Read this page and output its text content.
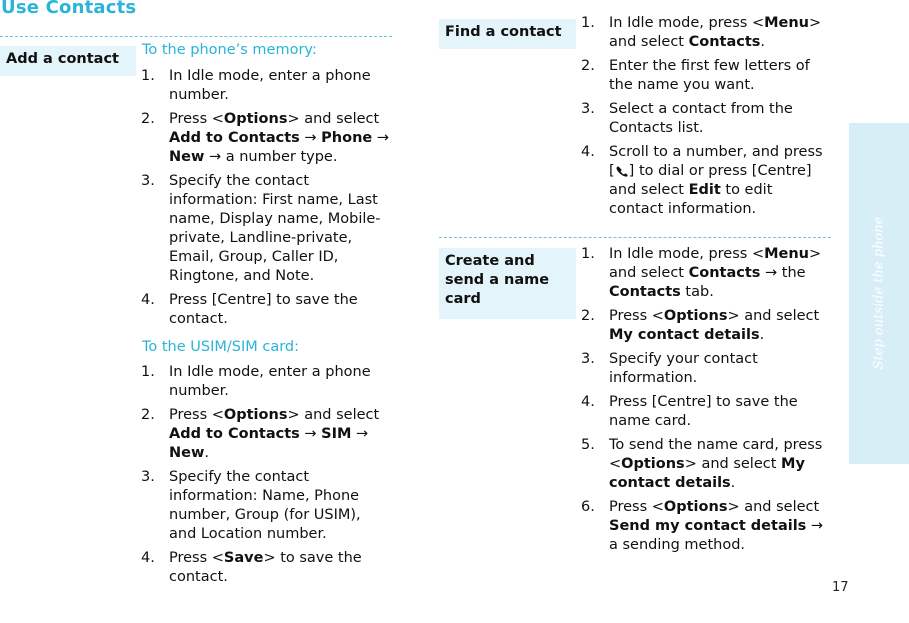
Use Contacts
Add a contact
To the phone’s memory:
1. In Idle mode, enter a phone number.
2. Press <Options> and select Add to Contacts → Phone → New → a number type.
3. Specify the contact information: First name, Last name, Display name, Mobile-private, Landline-private, Email, Group, Caller ID, Ringtone, and Note.
4. Press [Centre] to save the contact.
To the USIM/SIM card:
1. In Idle mode, enter a phone number.
2. Press <Options> and select Add to Contacts → SIM → New.
3. Specify the contact information: Name, Phone number, Group (for USIM), and Location number.
4. Press <Save> to save the contact.
Find a contact
1. In Idle mode, press <Menu> and select Contacts.
2. Enter the first few letters of the name you want.
3. Select a contact from the Contacts list.
4. Scroll to a number, and press [ ] to dial or press [Centre] and select Edit to edit contact information.
Create and send a name card
1. In Idle mode, press <Menu> and select Contacts → the Contacts tab.
2. Press <Options> and select My contact details.
3. Specify your contact information.
4. Press [Centre] to save the name card.
5. To send the name card, press <Options> and select My contact details.
6. Press <Options> and select Send my contact details → a sending method.
Step outside the phone
17
